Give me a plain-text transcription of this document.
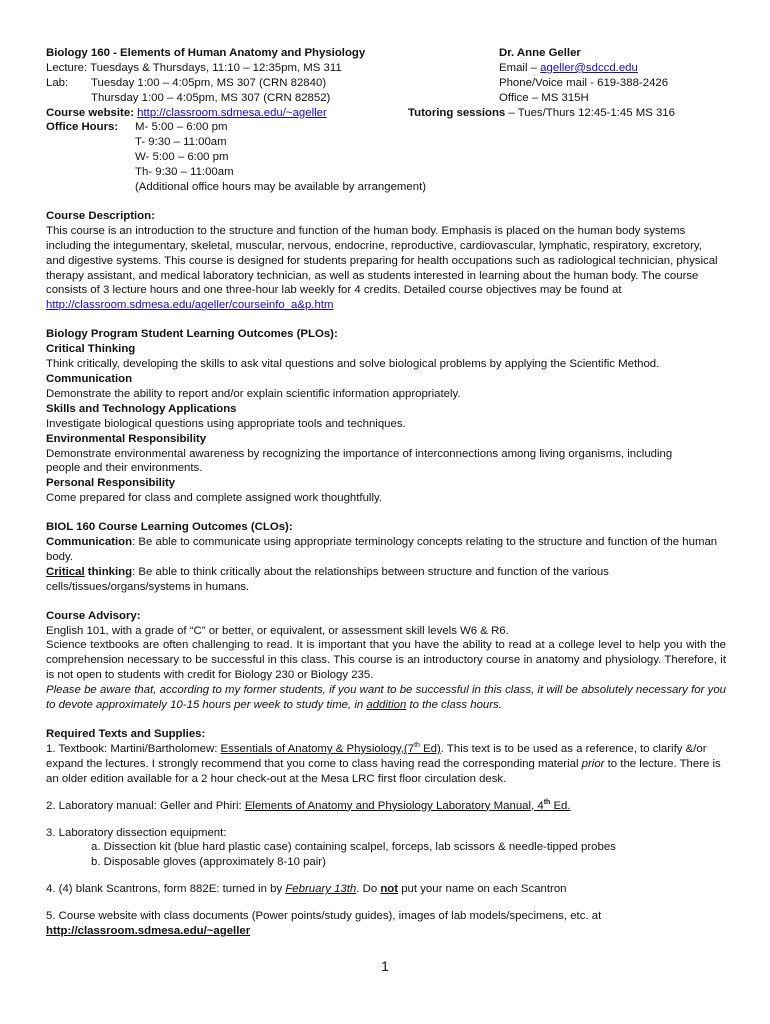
Biology 160 - Elements of Human Anatomy and Physiology	Dr. Anne Geller
Lecture: Tuesdays & Thursdays, 11:10 – 12:35pm, MS 311	Email – ageller@sdccd.edu
Lab: Tuesday 1:00 – 4:05pm, MS 307 (CRN 82840)	Phone/Voice mail - 619-388-2426
Thursday 1:00 – 4:05pm, MS 307 (CRN 82852)	Office – MS 315H
Course website: http://classroom.sdmesa.edu/~ageller	Tutoring sessions – Tues/Thurs 12:45-1:45 MS 316
Office Hours: M- 5:00 – 6:00 pm
T- 9:30 – 11:00am
W- 5:00 – 6:00 pm
Th- 9:30 – 11:00am
(Additional office hours may be available by arrangement)
Course Description:
This course is an introduction to the structure and function of the human body. Emphasis is placed on the human body systems including the integumentary, skeletal, muscular, nervous, endocrine, reproductive, cardiovascular, lymphatic, respiratory, excretory, and digestive systems. This course is designed for students preparing for health occupations such as radiological technician, physical therapy assistant, and medical laboratory technician, as well as students interested in learning about the human body. The course consists of 3 lecture hours and one three-hour lab weekly for 4 credits. Detailed course objectives may be found at http://classroom.sdmesa.edu/ageller/courseinfo_a&p.htm
Biology Program Student Learning Outcomes (PLOs):
Critical Thinking
Think critically, developing the skills to ask vital questions and solve biological problems by applying the Scientific Method.
Communication
Demonstrate the ability to report and/or explain scientific information appropriately.
Skills and Technology Applications
Investigate biological questions using appropriate tools and techniques.
Environmental Responsibility
Demonstrate environmental awareness by recognizing the importance of interconnections among living organisms, including people and their environments.
Personal Responsibility
Come prepared for class and complete assigned work thoughtfully.
BIOL 160 Course Learning Outcomes (CLOs):
Communication: Be able to communicate using appropriate terminology concepts relating to the structure and function of the human body.
Critical thinking: Be able to think critically about the relationships between structure and function of the various cells/tissues/organs/systems in humans.
Course Advisory:
English 101, with a grade of “C” or better, or equivalent, or assessment skill levels W6 & R6.
Science textbooks are often challenging to read. It is important that you have the ability to read at a college level to help you with the comprehension necessary to be successful in this class. This course is an introductory course in anatomy and physiology. Therefore, it is not open to students with credit for Biology 230 or Biology 235.
Please be aware that, according to my former students, if you want to be successful in this class, it will be absolutely necessary for you to devote approximately 10-15 hours per week to study time, in addition to the class hours.
Required Texts and Supplies:
1. Textbook: Martini/Bartholomew: Essentials of Anatomy & Physiology,(7th Ed). This text is to be used as a reference, to clarify &/or expand the lectures. I strongly recommend that you come to class having read the corresponding material prior to the lecture. There is an older edition available for a 2 hour check-out at the Mesa LRC first floor circulation desk.
2. Laboratory manual: Geller and Phiri: Elements of Anatomy and Physiology Laboratory Manual, 4th Ed.
3. Laboratory dissection equipment:
a. Dissection kit (blue hard plastic case) containing scalpel, forceps, lab scissors & needle-tipped probes
b. Disposable gloves (approximately 8-10 pair)
4. (4) blank Scantrons, form 882E: turned in by February 13th. Do not put your name on each Scantron
5. Course website with class documents (Power points/study guides), images of lab models/specimens, etc. at
http://classroom.sdmesa.edu/~ageller
1
